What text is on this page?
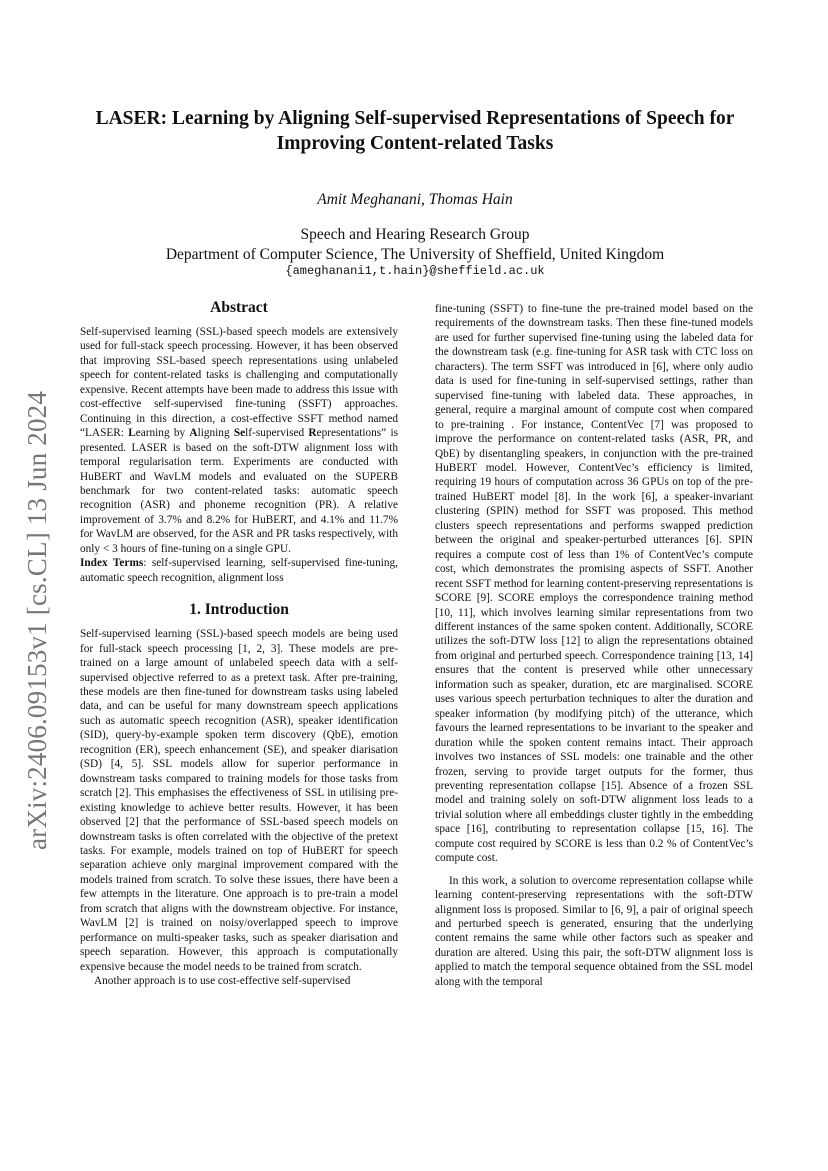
arXiv:2406.09153v1 [cs.CL] 13 Jun 2024
LASER: Learning by Aligning Self-supervised Representations of Speech for
Improving Content-related Tasks
Amit Meghanani, Thomas Hain
Speech and Hearing Research Group
Department of Computer Science, The University of Sheffield, United Kingdom
{ameghanani1,t.hain}@sheffield.ac.uk
Abstract

Self-supervised learning (SSL)-based speech models are extensively used for full-stack speech processing. However, it has been observed that improving SSL-based speech representations using unlabeled speech for content-related tasks is challenging and computationally expensive. Recent attempts have been made to address this issue with cost-effective self-supervised fine-tuning (SSFT) approaches. Continuing in this direction, a cost-effective SSFT method named “LASER: Learning by Aligning Self-supervised Representations” is presented. LASER is based on the soft-DTW alignment loss with temporal regularisation term. Experiments are conducted with HuBERT and WavLM models and evaluated on the SUPERB benchmark for two content-related tasks: automatic speech recognition (ASR) and phoneme recognition (PR). A relative improvement of 3.7% and 8.2% for HuBERT, and 4.1% and 11.7% for WavLM are observed, for the ASR and PR tasks respectively, with only < 3 hours of fine-tuning on a single GPU.

Index Terms: self-supervised learning, self-supervised fine-tuning, automatic speech recognition, alignment loss

1. Introduction

Self-supervised learning (SSL)-based speech models are being used for full-stack speech processing [1, 2, 3]. These models are pre-trained on a large amount of unlabeled speech data with a self-supervised objective referred to as a pretext task. After pre-training, these models are then fine-tuned for downstream tasks using labeled data, and can be useful for many downstream speech applications such as automatic speech recognition (ASR), speaker identification (SID), query-by-example spoken term discovery (QbE), emotion recognition (ER), speech enhancement (SE), and speaker diarisation (SD) [4, 5]. SSL models allow for superior performance in downstream tasks compared to training models for those tasks from scratch [2]. This emphasises the effectiveness of SSL in utilising pre-existing knowledge to achieve better results. However, it has been observed [2] that the performance of SSL-based speech models on downstream tasks is often correlated with the objective of the pretext tasks. For example, models trained on top of HuBERT for speech separation achieve only marginal improvement compared with the models trained from scratch. To solve these issues, there have been a few attempts in the literature. One approach is to pre-train a model from scratch that aligns with the downstream objective. For instance, WavLM [2] is trained on noisy/overlapped speech to improve performance on multi-speaker tasks, such as speaker diarisation and speech separation. However, this approach is computationally expensive because the model needs to be trained from scratch.

Another approach is to use cost-effective self-supervised

fine-tuning (SSFT) to fine-tune the pre-trained model based on the requirements of the downstream tasks. Then these fine-tuned models are used for further supervised fine-tuning using the labeled data for the downstream task (e.g. fine-tuning for ASR task with CTC loss on characters). The term SSFT was introduced in [6], where only audio data is used for fine-tuning in self-supervised settings, rather than supervised fine-tuning with labeled data. These approaches, in general, require a marginal amount of compute cost when compared to pre-training . For instance, ContentVec [7] was proposed to improve the performance on content-related tasks (ASR, PR, and QbE) by disentangling speakers, in conjunction with the pre-trained HuBERT model. However, ContentVec’s efficiency is limited, requiring 19 hours of computation across 36 GPUs on top of the pre-trained HuBERT model [8]. In the work [6], a speaker-invariant clustering (SPIN) method for SSFT was proposed. This method clusters speech representations and performs swapped prediction between the original and speaker-perturbed utterances [6]. SPIN requires a compute cost of less than 1% of ContentVec’s compute cost, which demonstrates the promising aspects of SSFT. Another recent SSFT method for learning content-preserving representations is SCORE [9]. SCORE employs the correspondence training method [10, 11], which involves learning similar representations from two different instances of the same spoken content. Additionally, SCORE utilizes the soft-DTW loss [12] to align the representations obtained from original and perturbed speech. Correspondence training [13, 14] ensures that the content is preserved while other unnecessary information such as speaker, duration, etc are marginalised. SCORE uses various speech perturbation techniques to alter the duration and speaker information (by modifying pitch) of the utterance, which favours the learned representations to be invariant to the speaker and duration while the spoken content remains intact. Their approach involves two instances of SSL models: one trainable and the other frozen, serving to provide target outputs for the former, thus preventing representation collapse [15]. Absence of a frozen SSL model and training solely on soft-DTW alignment loss leads to a trivial solution where all embeddings cluster tightly in the embedding space [16], contributing to representation collapse [15, 16]. The compute cost required by SCORE is less than 0.2 % of ContentVec’s compute cost.

In this work, a solution to overcome representation collapse while learning content-preserving representations with the soft-DTW alignment loss is proposed. Similar to [6, 9], a pair of original speech and perturbed speech is generated, ensuring that the underlying content remains the same while other factors such as speaker and duration are altered. Using this pair, the soft-DTW alignment loss is applied to match the temporal sequence obtained from the SSL model along with the temporal
